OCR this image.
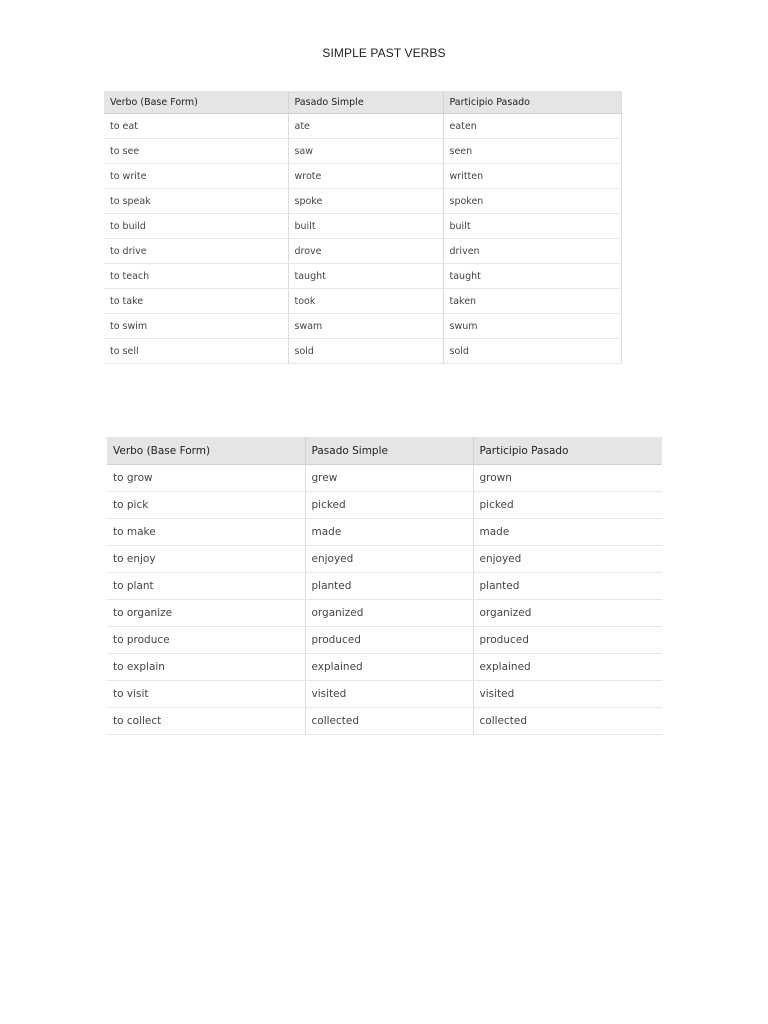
SIMPLE PAST VERBS
Verbo (Base Form)	Pasado Simple	Participio Pasado
to eat	ate	eaten
to see	saw	seen
to write	wrote	written
to speak	spoke	spoken
to build	built	built
to drive	drove	driven
to teach	taught	taught
to take	took	taken
to swim	swam	swum
to sell	sold	sold
Verbo (Base Form)	Pasado Simple	Participio Pasado
to grow	grew	grown
to pick	picked	picked
to make	made	made
to enjoy	enjoyed	enjoyed
to plant	planted	planted
to organize	organized	organized
to produce	produced	produced
to explain	explained	explained
to visit	visited	visited
to collect	collected	collected
